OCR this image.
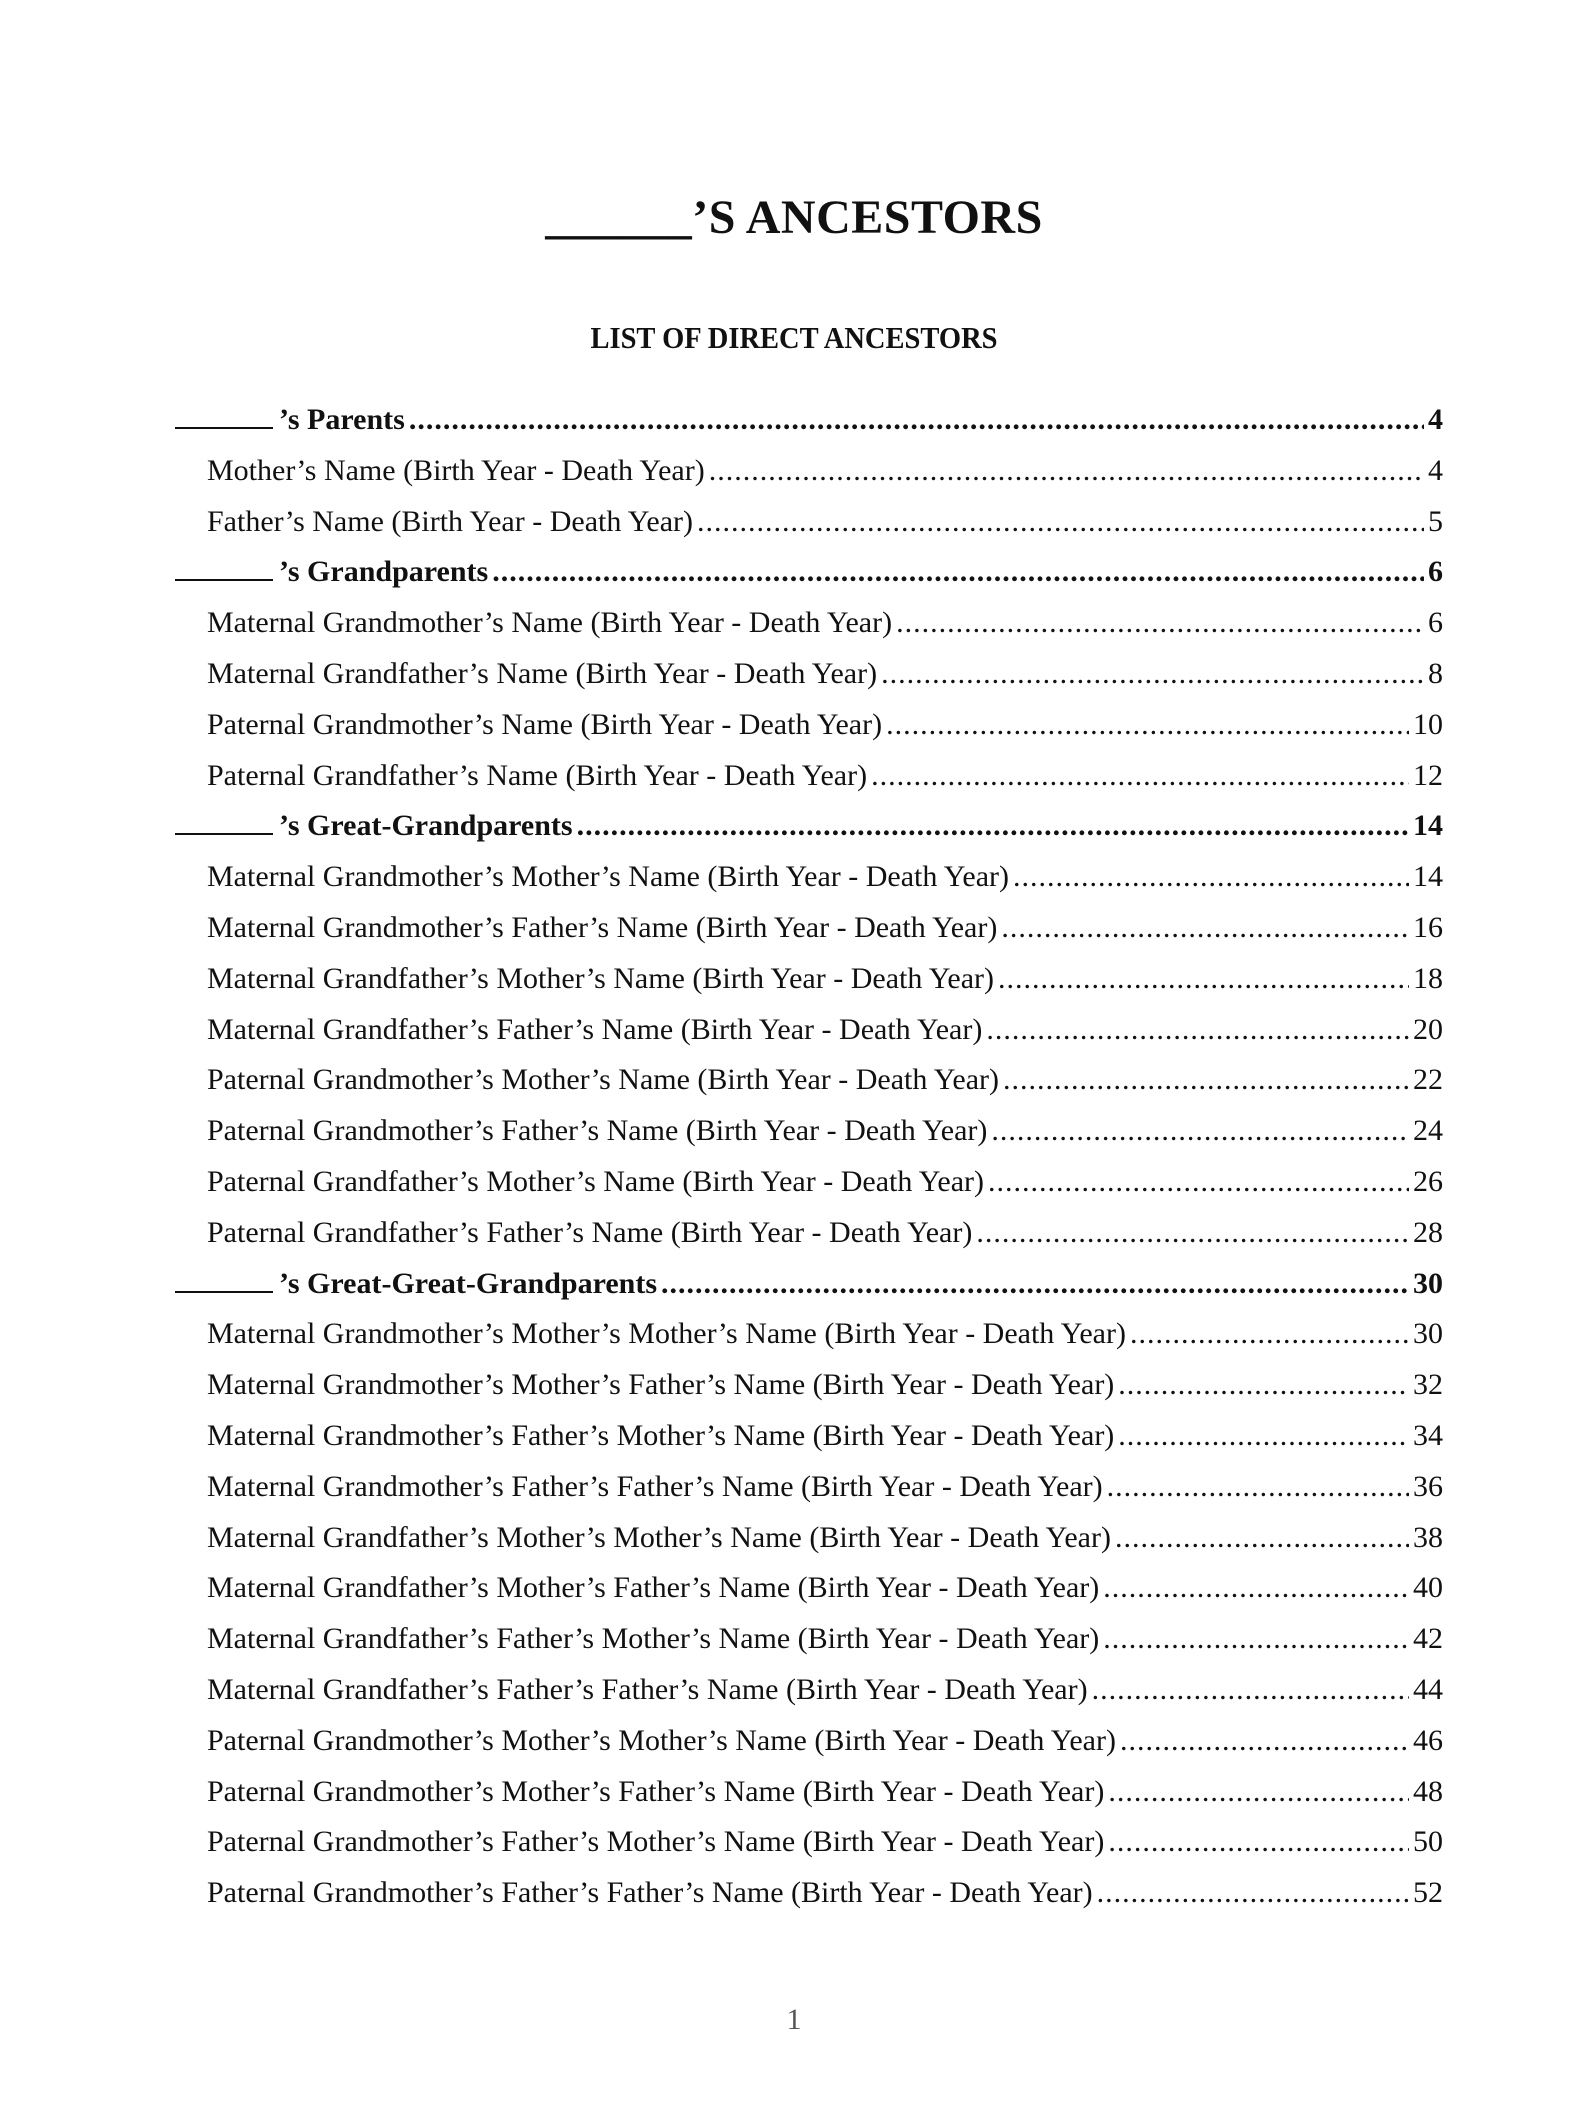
______’S ANCESTORS
LIST OF DIRECT ANCESTORS
’s Parents .....	4
Mother’s Name (Birth Year - Death Year) .....	4
Father’s Name (Birth Year - Death Year) .....	5
’s Grandparents .....	6
Maternal Grandmother’s Name (Birth Year - Death Year) .....	6
Maternal Grandfather’s Name (Birth Year - Death Year) .....	8
Paternal Grandmother’s Name (Birth Year - Death Year) .....	10
Paternal Grandfather’s Name (Birth Year - Death Year) .....	12
’s Great-Grandparents .....	14
Maternal Grandmother’s Mother’s Name (Birth Year - Death Year) .....	14
Maternal Grandmother’s Father’s Name (Birth Year - Death Year) .....	16
Maternal Grandfather’s Mother’s Name (Birth Year - Death Year) .....	18
Maternal Grandfather’s Father’s Name (Birth Year - Death Year) .....	20
Paternal Grandmother’s Mother’s Name (Birth Year - Death Year) .....	22
Paternal Grandmother’s Father’s Name (Birth Year - Death Year) .....	24
Paternal Grandfather’s Mother’s Name (Birth Year - Death Year) .....	26
Paternal Grandfather’s Father’s Name (Birth Year - Death Year) .....	28
’s Great-Great-Grandparents .....	30
Maternal Grandmother’s Mother’s Mother’s Name (Birth Year - Death Year) .....	30
Maternal Grandmother’s Mother’s Father’s Name (Birth Year - Death Year) .....	32
Maternal Grandmother’s Father’s Mother’s Name (Birth Year - Death Year) .....	34
Maternal Grandmother’s Father’s Father’s Name (Birth Year - Death Year) .....	36
Maternal Grandfather’s Mother’s Mother’s Name (Birth Year - Death Year) .....	38
Maternal Grandfather’s Mother’s Father’s Name (Birth Year - Death Year) .....	40
Maternal Grandfather’s Father’s Mother’s Name (Birth Year - Death Year) .....	42
Maternal Grandfather’s Father’s Father’s Name (Birth Year - Death Year) .....	44
Paternal Grandmother’s Mother’s Mother’s Name (Birth Year - Death Year) .....	46
Paternal Grandmother’s Mother’s Father’s Name (Birth Year - Death Year) .....	48
Paternal Grandmother’s Father’s Mother’s Name (Birth Year - Death Year) .....	50
Paternal Grandmother’s Father’s Father’s Name (Birth Year - Death Year) .....	52
1
